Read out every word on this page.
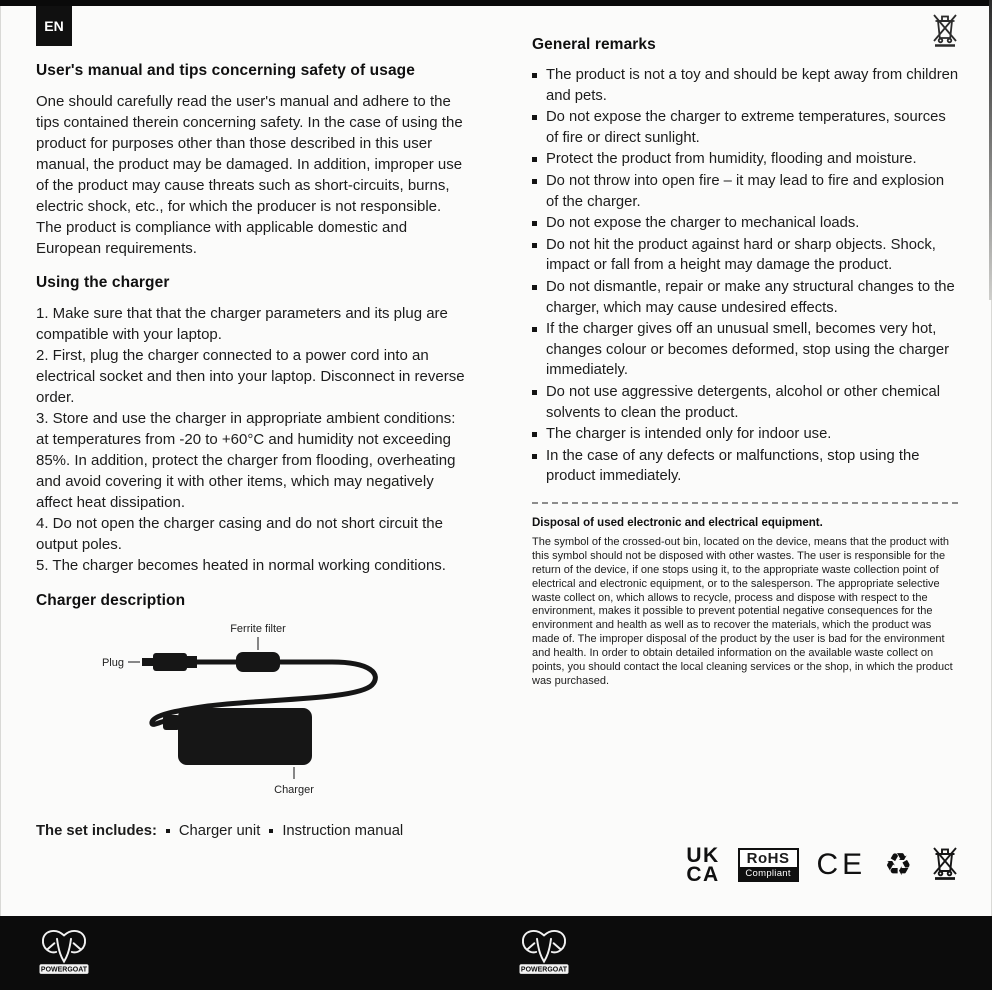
EN
User's manual and tips concerning safety of usage

One should carefully read the user's manual and adhere to the tips contained therein concerning safety. In the case of using the product for purposes other than those described in this user manual, the product may be damaged. In addition, improper use of the product may cause threats such as short-circuits, burns, electric shock, etc., for which the producer is not responsible. The product is compliance with applicable domestic and European requirements.

Using the charger

1. Make sure that that the charger parameters and its plug are compatible with your laptop.

2. First, plug the charger connected to a power cord into an electrical socket and then into your laptop. Disconnect in reverse order.

3. Store and use the charger in appropriate ambient conditions: at temperatures from -20 to +60°C and humidity not exceeding 85%. In addition, protect the charger from flooding, overheating and avoid covering it with other items, which may negatively affect heat dissipation.

4. Do not open the charger casing and do not short circuit the output poles.

5. The charger becomes heated in normal working conditions.

Charger description
Ferrite filter
Plug
Charger
The set includes: Charger unit Instruction manual
General remarks
The product is not a toy and should be kept away from children and pets.
Do not expose the charger to extreme temperatures, sources of fire or direct sunlight.
Protect the product from humidity, flooding and moisture.
Do not throw into open fire – it may lead to fire and explosion of the charger.
Do not expose the charger to mechanical loads.
Do not hit the product against hard or sharp objects. Shock, impact or fall from a height may damage the product.
Do not dismantle, repair or make any structural changes to the charger, which may cause undesired effects.
If the charger gives off an unusual smell, becomes very hot, changes colour or becomes deformed, stop using the charger immediately.
Do not use aggressive detergents, alcohol or other chemical solvents to clean the product.
The charger is intended only for indoor use.
In the case of any defects or malfunctions, stop using the product immediately.
Disposal of used electronic and electrical equipment.

The symbol of the crossed-out bin, located on the device, means that the product with this symbol should not be disposed with other wastes. The user is responsible for the return of the device, if one stops using it, to the appropriate waste collection point of electrical and electronic equipment, or to the salesperson. The appropriate selective waste collect on, which allows to recycle, process and dispose with respect to the environment, makes it possible to prevent potential negative consequences for the environment and health as well as to recover the materials, which the product was made of. The improper disposal of the product by the user is bad for the environment and health. In order to obtain detailed information on the available waste collect on points, you should contact the local cleaning services or the shop, in which the product was purchased.

UK
CA
RoHS
Compliant CE ♻
POWERGOAT	POWERGOAT
